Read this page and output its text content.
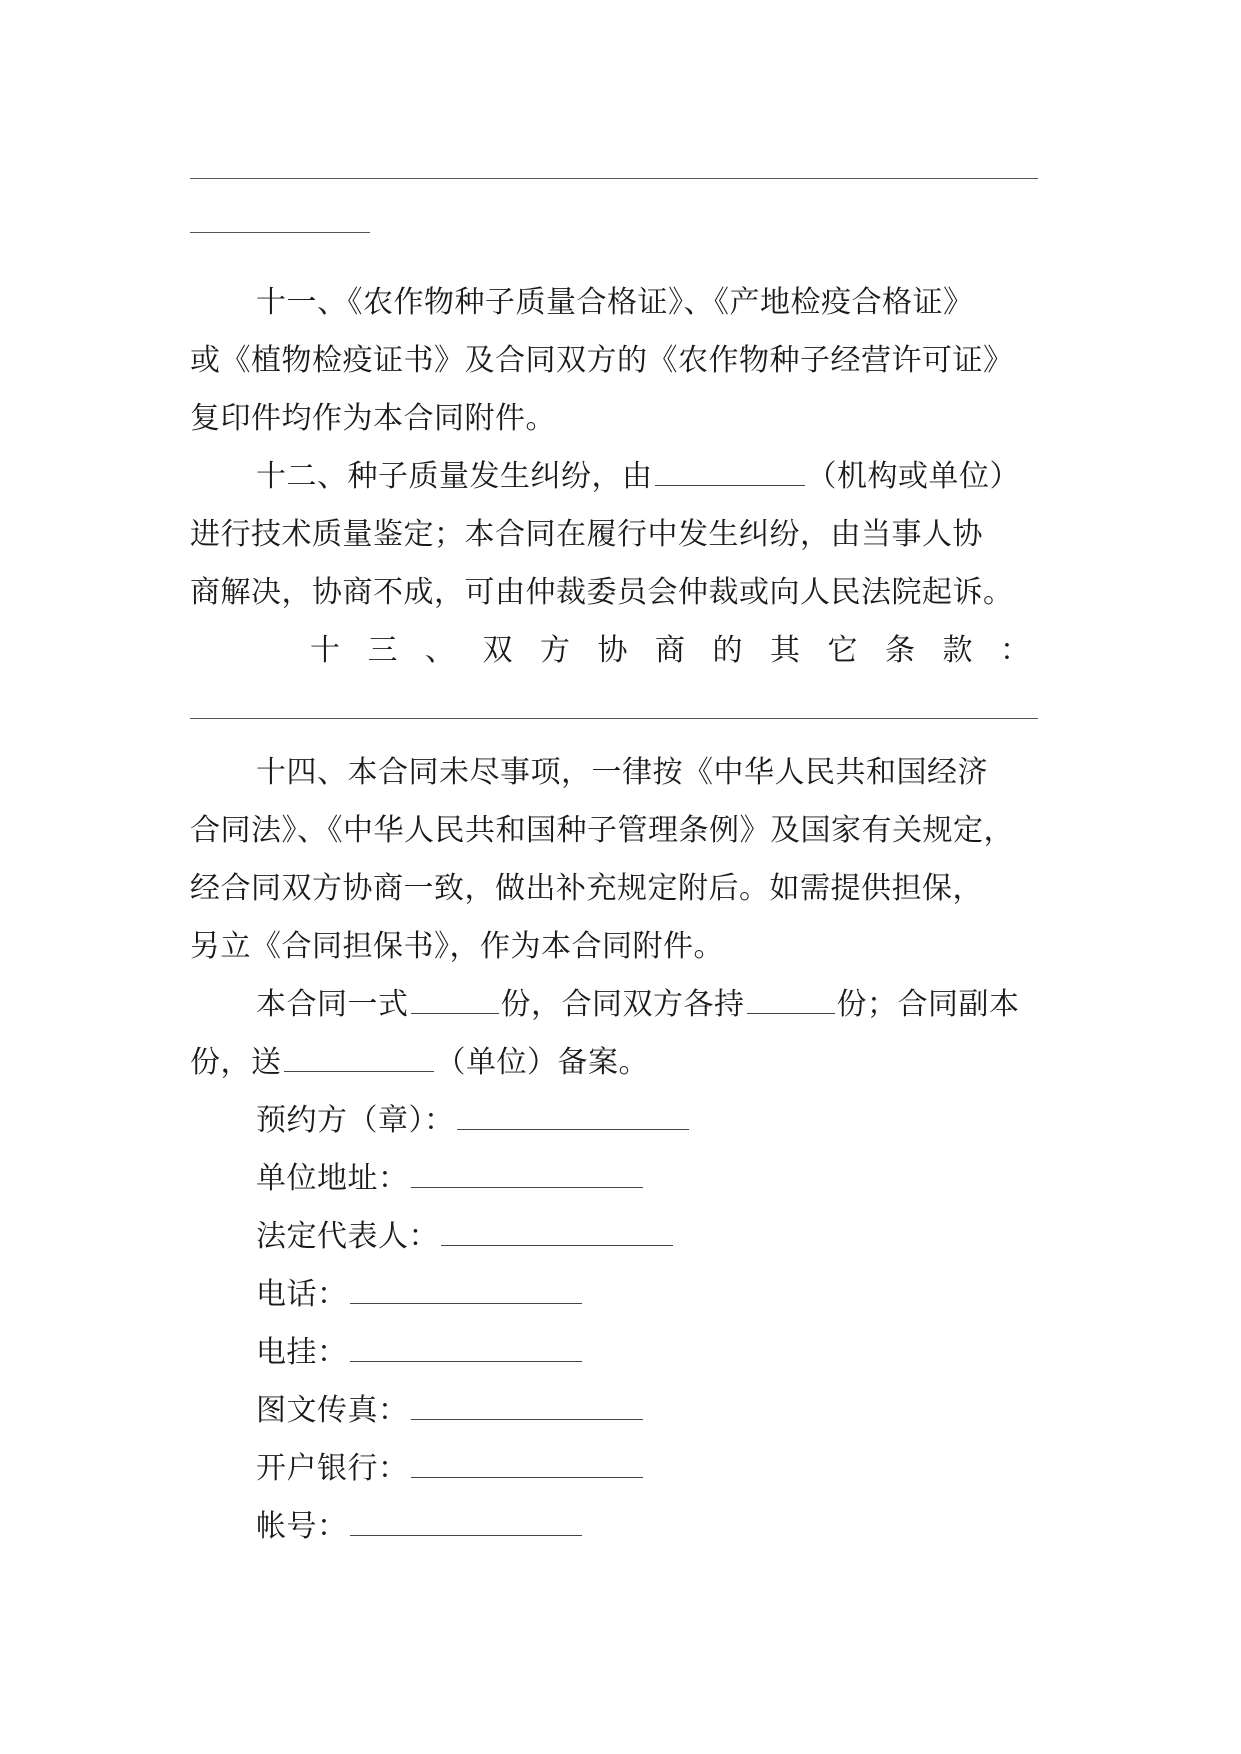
十一、《农作物种子质量合格证》、《产地检疫合格证》
或《植物检疫证书》及合同双方的《农作物种子经营许可证》
复印件均作为本合同附件。
十二、种子质量发生纠纷，由	（机构或单位）
进行技术质量鉴定；本合同在履行中发生纠纷，由当事人协
商解决，协商不成，可由仲裁委员会仲裁或向人民法院起诉。
十 三 、 双 方 协 商 的 其 它 条 款 ：
十四、本合同未尽事项，一律按《中华人民共和国经济
合同法》、《中华人民共和国种子管理条例》及国家有关规定，
经合同双方协商一致，做出补充规定附后。如需提供担保，
另立《合同担保书》，作为本合同附件。
本合同一式	份，合同双方各持	份；合同副本
份，送	（单位）备案。
预约方（章）：
单位地址：
法定代表人：
电话：
电挂：
图文传真：
开户银行：
帐号：
